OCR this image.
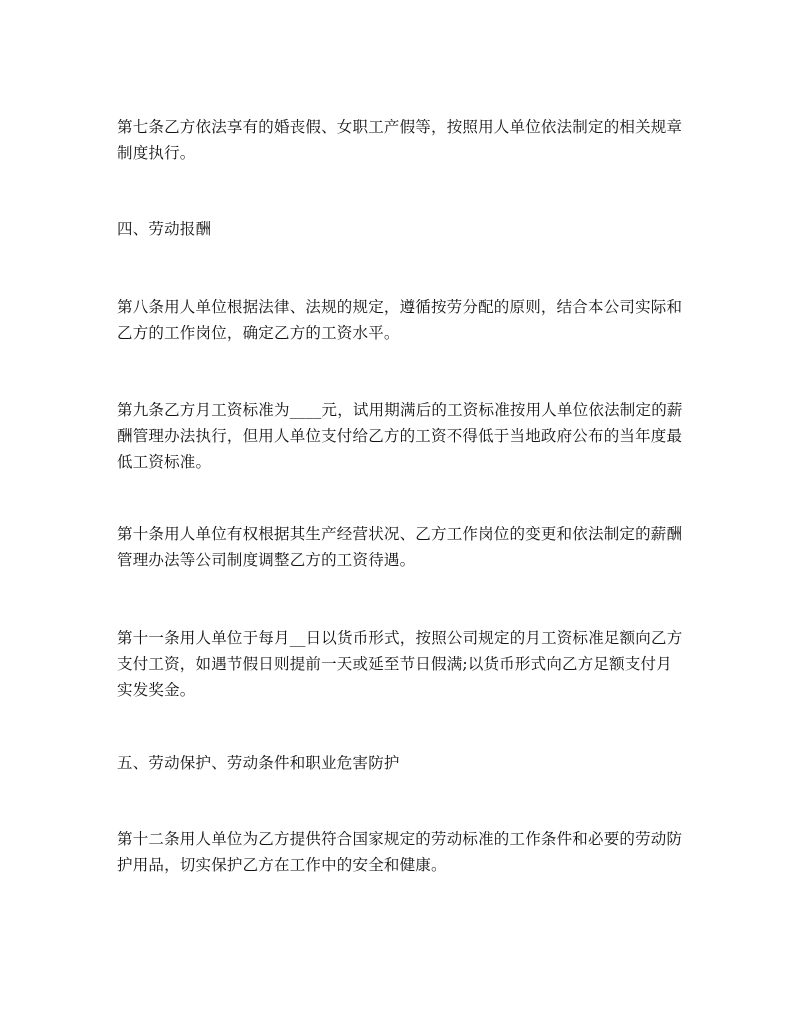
第七条乙方依法享有的婚丧假、女职工产假等，按照用人单位依法制定的相关规章制度执行。

四、劳动报酬

第八条用人单位根据法律、法规的规定，遵循按劳分配的原则，结合本公司实际和乙方的工作岗位，确定乙方的工资水平。

第九条乙方月工资标准为____元，试用期满后的工资标准按用人单位依法制定的薪酬管理办法执行，但用人单位支付给乙方的工资不得低于当地政府公布的当年度最低工资标准。

第十条用人单位有权根据其生产经营状况、乙方工作岗位的变更和依法制定的薪酬管理办法等公司制度调整乙方的工资待遇。

第十一条用人单位于每月__日以货币形式，按照公司规定的月工资标准足额向乙方支付工资，如遇节假日则提前一天或延至节日假满;以货币形式向乙方足额支付月实发奖金。

五、劳动保护、劳动条件和职业危害防护

第十二条用人单位为乙方提供符合国家规定的劳动标准的工作条件和必要的劳动防护用品，切实保护乙方在工作中的安全和健康。
